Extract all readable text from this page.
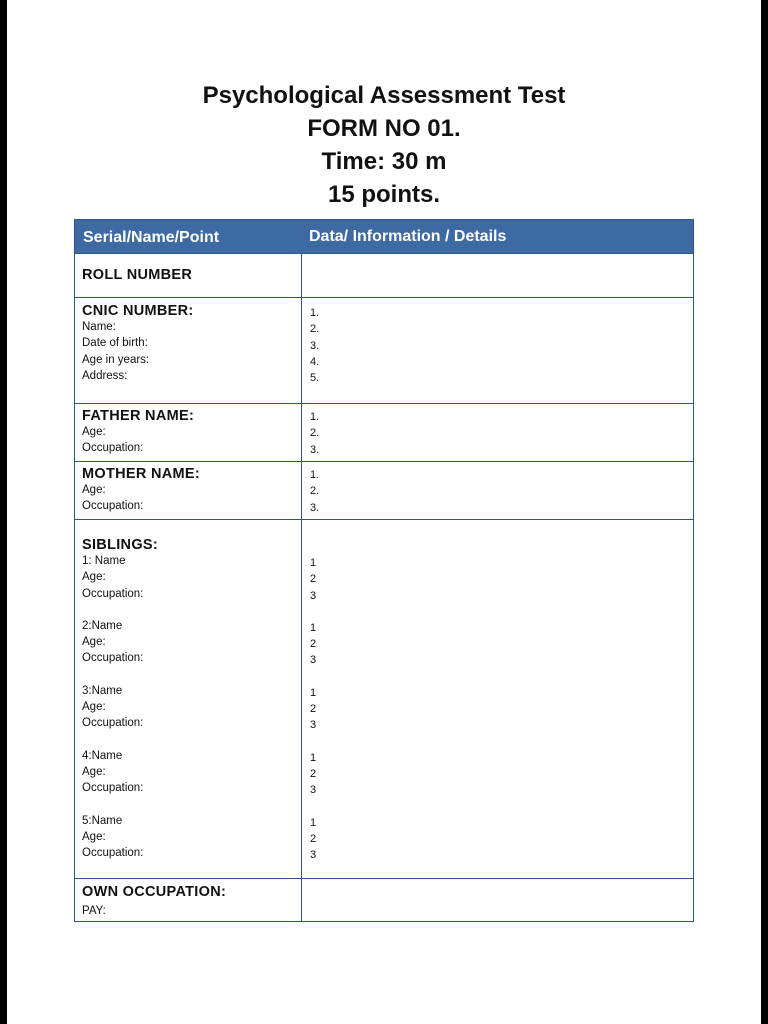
Psychological Assessment Test
FORM NO 01.
Time: 30 m
15 points.
Serial/Name/Point	Data/ Information / Details
ROLL NUMBER
CNIC NUMBER:
Name:
Date of birth:
Age in years:
Address:
1.
2.
3.
4.
5.
FATHER NAME:
Age:
Occupation:
1.
2.
3.
MOTHER NAME:
Age:
Occupation:
1.
2.
3.
SIBLINGS:
1: Name
Age:
Occupation:
2:Name
Age:
Occupation:
3:Name
Age:
Occupation:
4:Name
Age:
Occupation:
5:Name
Age:
Occupation:
1
2
3
1
2
3
1
2
3
1
2
3
1
2
3
OWN OCCUPATION:
PAY:
